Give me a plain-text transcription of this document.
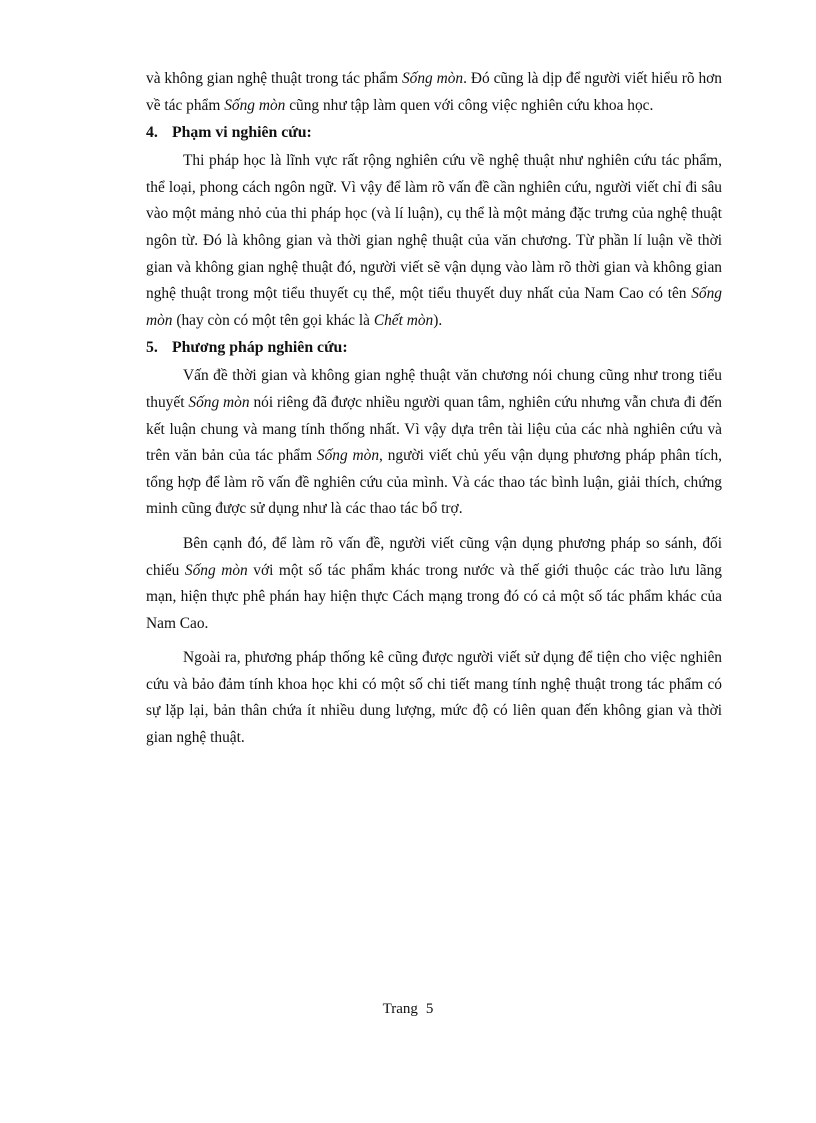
và không gian nghệ thuật trong tác phẩm Sống mòn. Đó cũng là dịp để người viết hiểu rõ hơn về tác phẩm Sống mòn cũng như tập làm quen với công việc nghiên cứu khoa học.

4. Phạm vi nghiên cứu:

Thi pháp học là lĩnh vực rất rộng nghiên cứu về nghệ thuật như nghiên cứu tác phẩm, thể loại, phong cách ngôn ngữ. Vì vậy để làm rõ vấn đề cần nghiên cứu, người viết chỉ đi sâu vào một mảng nhỏ của thi pháp học (và lí luận), cụ thể là một mảng đặc trưng của nghệ thuật ngôn từ. Đó là không gian và thời gian nghệ thuật của văn chương. Từ phần lí luận về thời gian và không gian nghệ thuật đó, người viết sẽ vận dụng vào làm rõ thời gian và không gian nghệ thuật trong một tiểu thuyết cụ thể, một tiểu thuyết duy nhất của Nam Cao có tên Sống mòn (hay còn có một tên gọi khác là Chết mòn).

5. Phương pháp nghiên cứu:

Vấn đề thời gian và không gian nghệ thuật văn chương nói chung cũng như trong tiểu thuyết Sống mòn nói riêng đã được nhiều người quan tâm, nghiên cứu nhưng vẫn chưa đi đến kết luận chung và mang tính thống nhất. Vì vậy dựa trên tài liệu của các nhà nghiên cứu và trên văn bản của tác phẩm Sống mòn, người viết chủ yếu vận dụng phương pháp phân tích, tổng hợp để làm rõ vấn đề nghiên cứu của mình. Và các thao tác bình luận, giải thích, chứng minh cũng được sử dụng như là các thao tác bổ trợ.

Bên cạnh đó, để làm rõ vấn đề, người viết cũng vận dụng phương pháp so sánh, đối chiếu Sống mòn với một số tác phẩm khác trong nước và thế giới thuộc các trào lưu lãng mạn, hiện thực phê phán hay hiện thực Cách mạng trong đó có cả một số tác phẩm khác của Nam Cao.

Ngoài ra, phương pháp thống kê cũng được người viết sử dụng để tiện cho việc nghiên cứu và bảo đảm tính khoa học khi có một số chi tiết mang tính nghệ thuật trong tác phẩm có sự lặp lại, bản thân chứa ít nhiều dung lượng, mức độ có liên quan đến không gian và thời gian nghệ thuật.

Trang 5
